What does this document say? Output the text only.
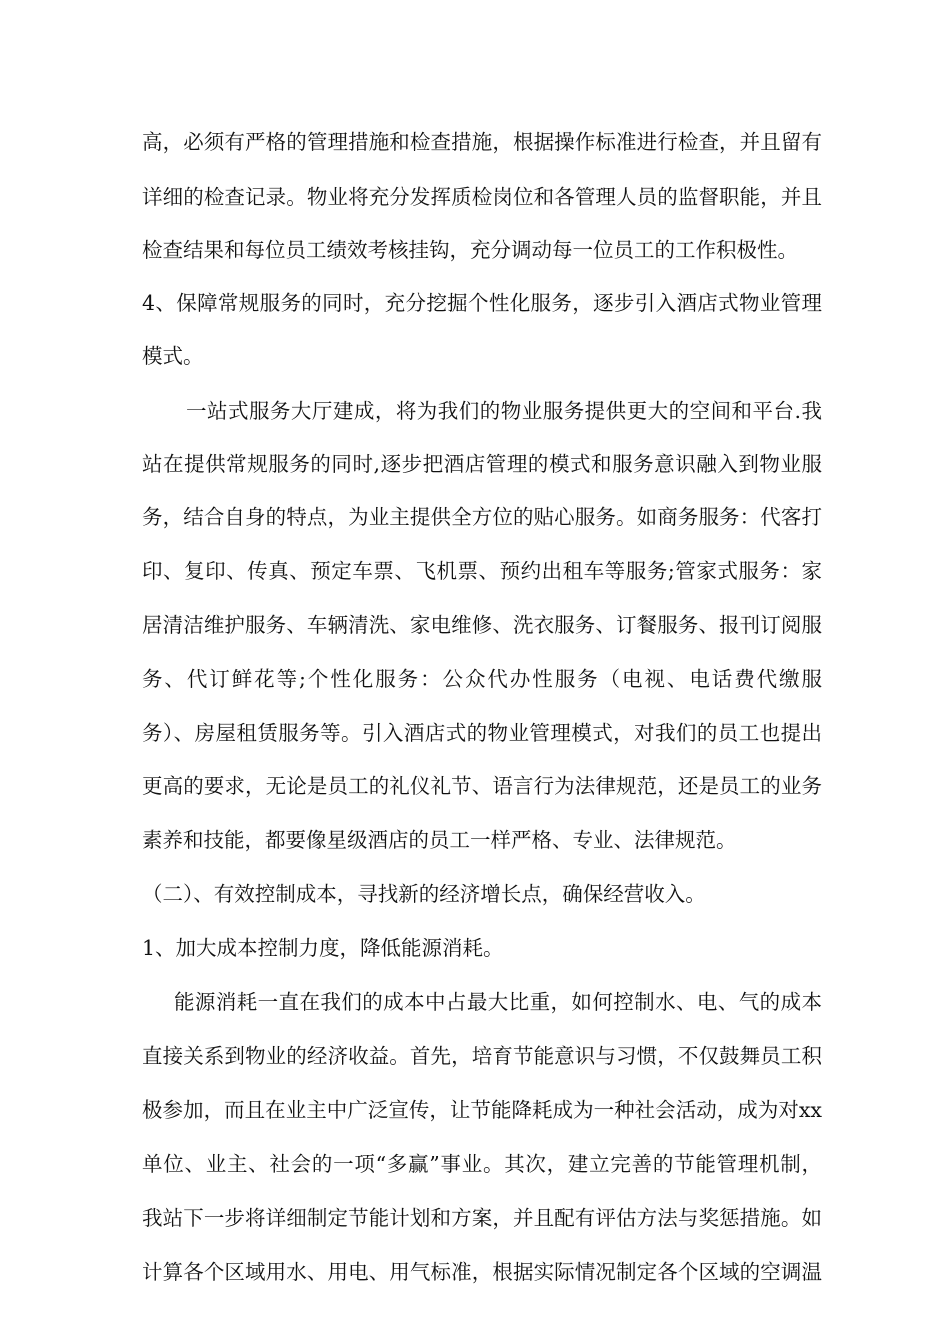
高，必须有严格的管理措施和检查措施，根据操作标准进行检查，并且留有
详细的检查记录。物业将充分发挥质检岗位和各管理人员的监督职能，并且
检查结果和每位员工绩效考核挂钩，充分调动每一位员工的工作积极性。
4、保障常规服务的同时，充分挖掘个性化服务，逐步引入酒店式物业管理
模式。
一站式服务大厅建成，将为我们的物业服务提供更大的空间和平台.我
站在提供常规服务的同时,逐步把酒店管理的模式和服务意识融入到物业服
务，结合自身的特点，为业主提供全方位的贴心服务。如商务服务：代客打
印、复印、传真、预定车票、飞机票、预约出租车等服务;管家式服务：家
居清洁维护服务、车辆清洗、家电维修、洗衣服务、订餐服务、报刊订阅服
务、代订鲜花等;个性化服务：公众代办性服务（电视、电话费代缴服
务）、房屋租赁服务等。引入酒店式的物业管理模式，对我们的员工也提出
更高的要求，无论是员工的礼仪礼节、语言行为法律规范，还是员工的业务
素养和技能，都要像星级酒店的员工一样严格、专业、法律规范。
（二）、有效控制成本，寻找新的经济增长点，确保经营收入。
1、加大成本控制力度，降低能源消耗。
能源消耗一直在我们的成本中占最大比重，如何控制水、电、气的成本
直接关系到物业的经济收益。首先，培育节能意识与习惯，不仅鼓舞员工积
极参加，而且在业主中广泛宣传，让节能降耗成为一种社会活动，成为对xx
单位、业主、社会的一项“多赢”事业。其次，建立完善的节能管理机制，
我站下一步将详细制定节能计划和方案，并且配有评估方法与奖惩措施。如
计算各个区域用水、用电、用气标准，根据实际情况制定各个区域的空调温
